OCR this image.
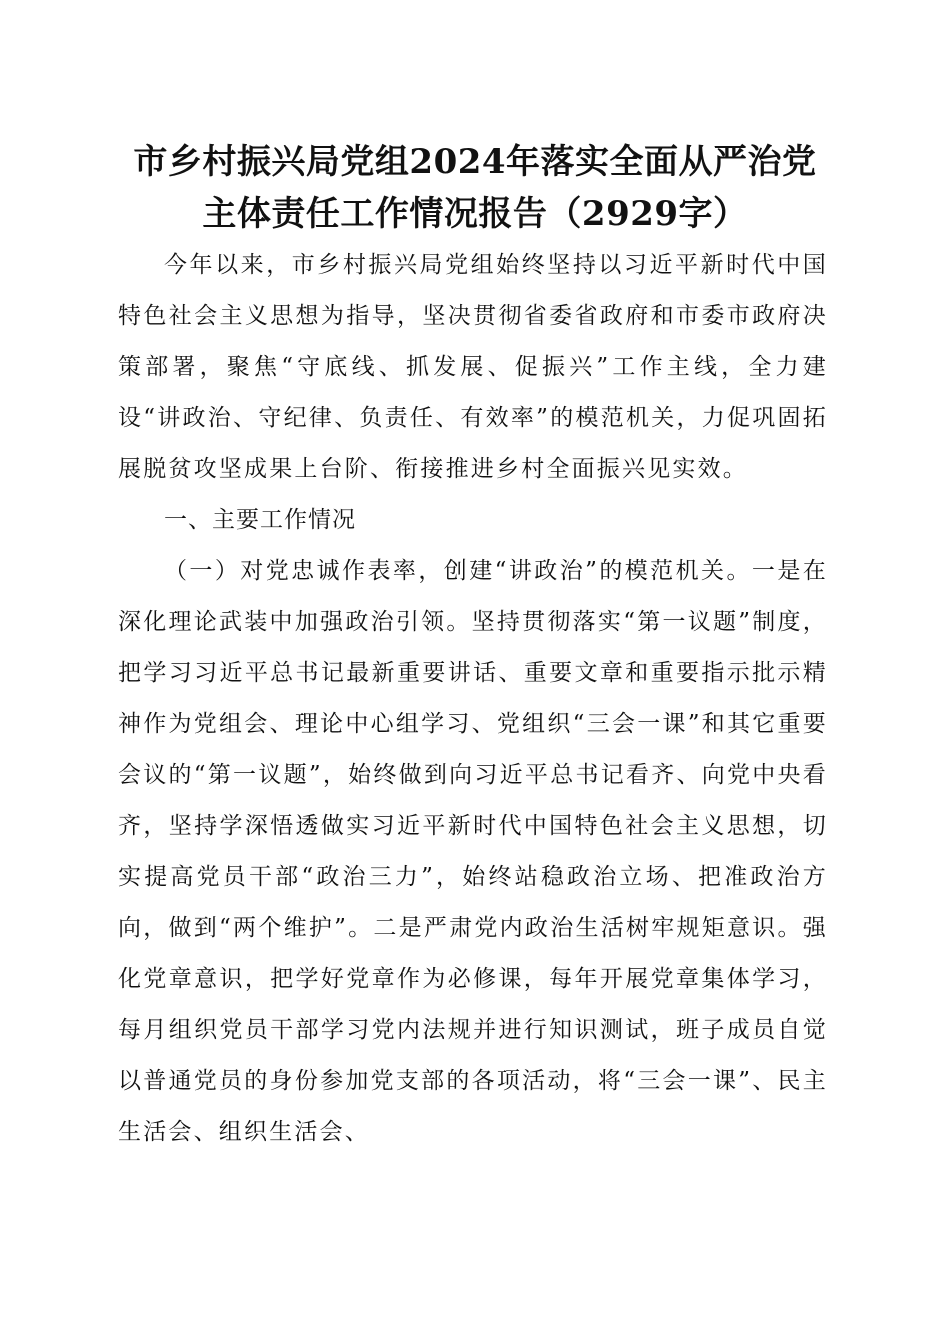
市乡村振兴局党组2024年落实全面从严治党
主体责任工作情况报告（2929字）

今年以来，市乡村振兴局党组始终坚持以习近平新时代中国特色社会主义思想为指导，坚决贯彻省委省政府和市委市政府决策部署，聚焦“守底线、抓发展、促振兴”工作主线，全力建设“讲政治、守纪律、负责任、有效率”的模范机关，力促巩固拓展脱贫攻坚成果上台阶、衔接推进乡村全面振兴见实效。

一、主要工作情况

（一）对党忠诚作表率，创建“讲政治”的模范机关。一是在深化理论武装中加强政治引领。坚持贯彻落实“第一议题”制度，把学习习近平总书记最新重要讲话、重要文章和重要指示批示精神作为党组会、理论中心组学习、党组织“三会一课”和其它重要会议的“第一议题”，始终做到向习近平总书记看齐、向党中央看齐，坚持学深悟透做实习近平新时代中国特色社会主义思想，切实提高党员干部“政治三力”，始终站稳政治立场、把准政治方向，做到“两个维护”。二是严肃党内政治生活树牢规矩意识。强化党章意识，把学好党章作为必修课，每年开展党章集体学习，每月组织党员干部学习党内法规并进行知识测试，班子成员自觉以普通党员的身份参加党支部的各项活动，将“三会一课”、民主生活会、组织生活会、
